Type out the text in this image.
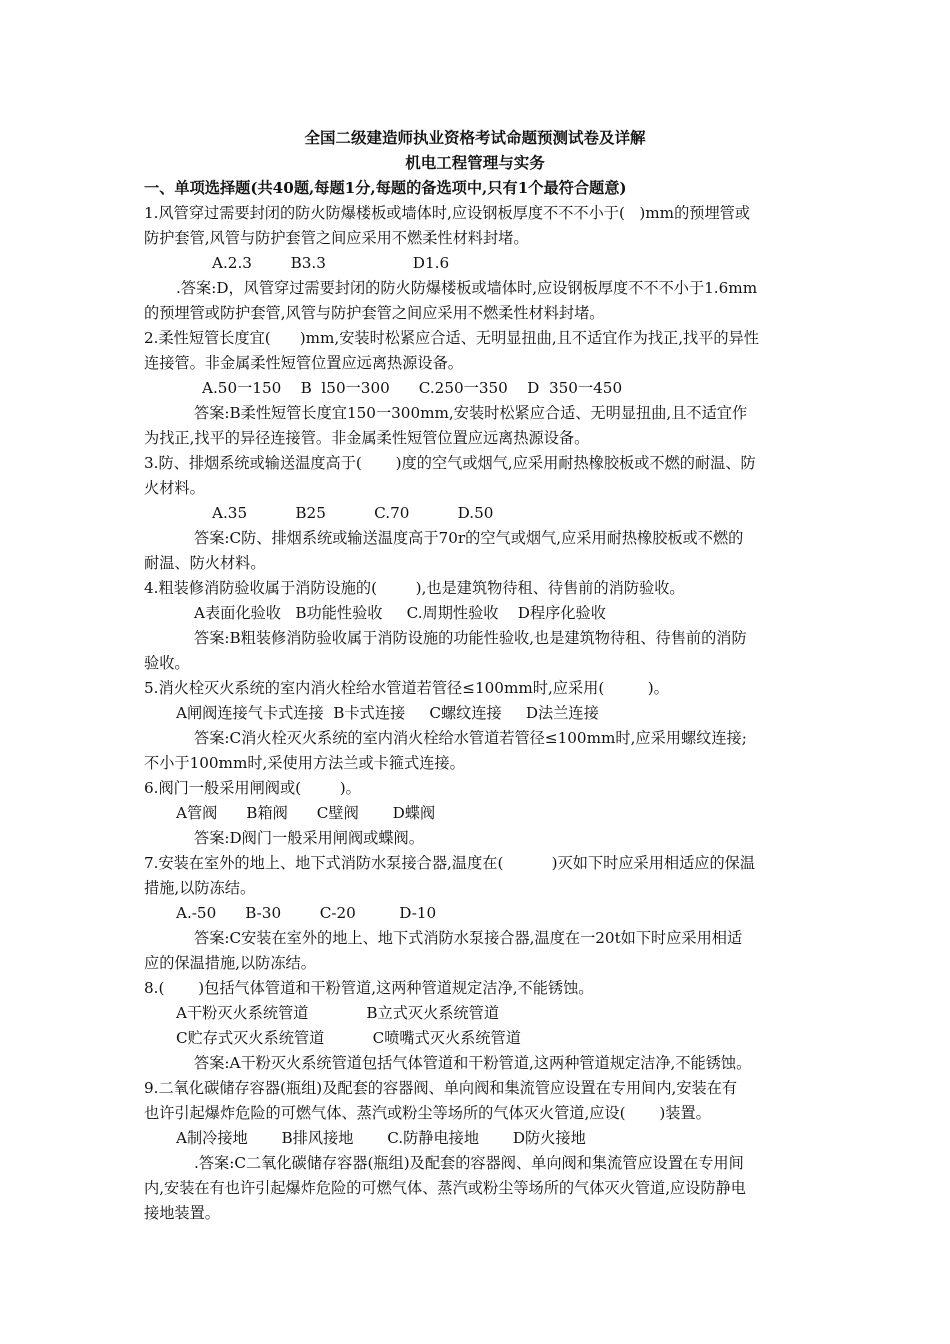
全国二级建造师执业资格考试命题预测试卷及详解
机电工程管理与实务
一、单项选择题(共40题,每题1分,每题的备选项中,只有1个最符合题意)
1.风管穿过需要封闭的防火防爆楼板或墙体时,应设钢板厚度不不不小于(   )mm的预埋管或
防护套管,风管与防护套管之间应采用不燃柔性材料封堵。
A.2.3        B3.3                  D1.6
.答案:D，风管穿过需要封闭的防火防爆楼板或墙体时,应设钢板厚度不不不小于1.6mm
的预埋管或防护套管,风管与防护套管之间应采用不燃柔性材料封堵。
2.柔性短管长度宜(      )mm,安装时松紧应合适、无明显扭曲,且不适宜作为找正,找平的异性
连接管。非金属柔性短管位置应远离热源设备。
A.50一150    B  l50一300      C.250一350    D  350一450
答案:B柔性短管长度宜150一300mm,安装时松紧应合适、无明显扭曲,且不适宜作
为找正,找平的异径连接管。非金属柔性短管位置应远离热源设备。
3.防、排烟系统或输送温度高于(       )度的空气或烟气,应采用耐热橡胶板或不燃的耐温、防
火材料。
A.35          B25          C.70          D.50
答案:C防、排烟系统或输送温度高于70r的空气或烟气,应采用耐热橡胶板或不燃的
耐温、防火材料。
4.粗装修消防验收属于消防设施的(        ),也是建筑物待租、待售前的消防验收。
A表面化验收   B功能性验收     C.周期性验收    D程序化验收
答案:B粗装修消防验收属于消防设施的功能性验收,也是建筑物待租、待售前的消防
验收。
5.消火栓灭火系统的室内消火栓给水管道若管径≤100mm时,应采用(         )。
A闸阀连接气卡式连接  B卡式连接     C螺纹连接     D法兰连接
答案:C消火栓灭火系统的室内消火栓给水管道若管径≤100mm时,应采用螺纹连接;
不小于100mm时,采使用方法兰或卡箍式连接。
6.阀门一般采用闸阀或(        )。
A管阀      B箱阀      C壁阀       D蝶阀
答案:D阀门一般采用闸阀或蝶阀。
7.安装在室外的地上、地下式消防水泵接合器,温度在(          )灭如下时应采用相适应的保温
措施,以防冻结。
A.-50      B-30        C-20         D-10
答案:C安装在室外的地上、地下式消防水泵接合器,温度在一20t如下时应采用相适
应的保温措施,以防冻结。
8.(       )包括气体管道和干粉管道,这两种管道规定洁净,不能锈蚀。
A干粉灭火系统管道            B立式灭火系统管道
C贮存式灭火系统管道          C喷嘴式灭火系统管道
答案:A干粉灭火系统管道包括气体管道和干粉管道,这两种管道规定洁净,不能锈蚀。
9.二氧化碳储存容器(瓶组)及配套的容器阀、单向阀和集流管应设置在专用间内,安装在有
也许引起爆炸危险的可燃气体、蒸汽或粉尘等场所的气体灭火管道,应设(       )装置。
A制冷接地       B排风接地       C.防静电接地       D防火接地
.答案:C二氧化碳储存容器(瓶组)及配套的容器阀、单向阀和集流管应设置在专用间
内,安装在有也许引起爆炸危险的可燃气体、蒸汽或粉尘等场所的气体灭火管道,应设防静电
接地装置。
